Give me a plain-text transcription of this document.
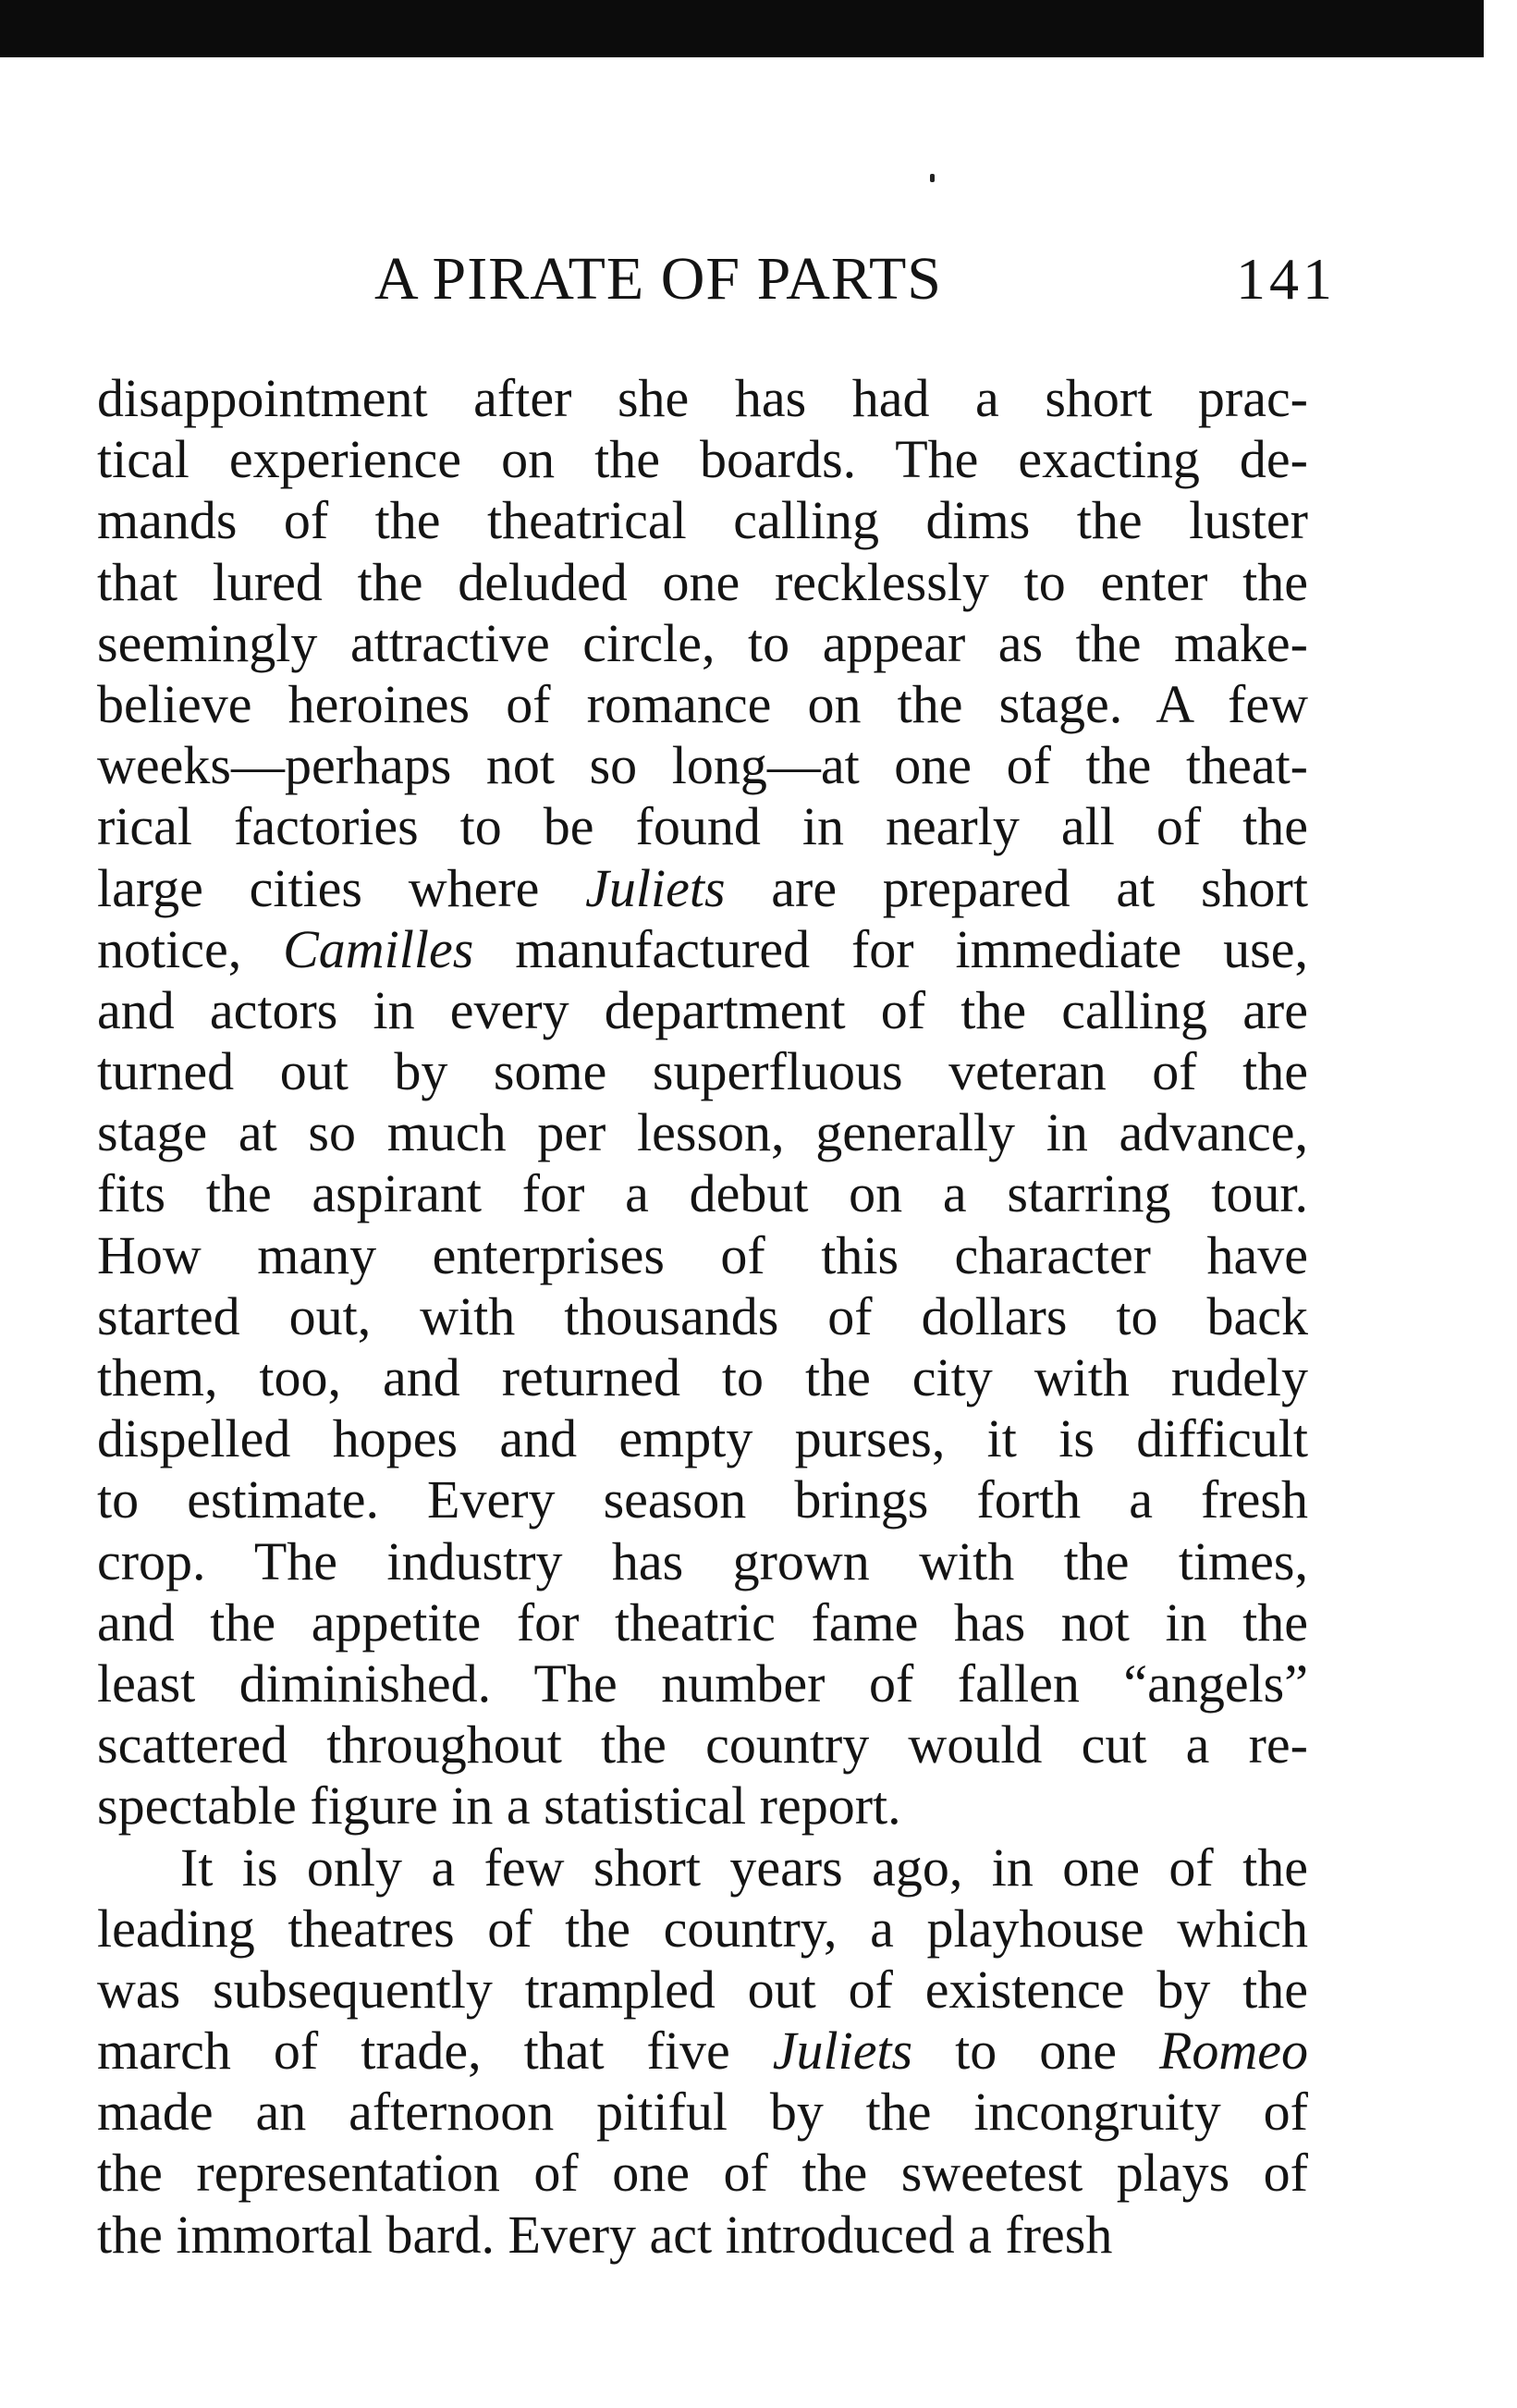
A PIRATE OF PARTS	141
disappointment after she has had a short prac-
tical experience on the boards. The exacting de-
mands of the theatrical calling dims the luster
that lured the deluded one recklessly to enter the
seemingly attractive circle, to appear as the make-
believe heroines of romance on the stage. A few
weeks—perhaps not so long—at one of the theat-
rical factories to be found in nearly all of the
large cities where Juliets are prepared at short
notice, Camilles manufactured for immediate use,
and actors in every department of the calling are
turned out by some superfluous veteran of the
stage at so much per lesson, generally in advance,
fits the aspirant for a debut on a starring tour.
How many enterprises of this character have
started out, with thousands of dollars to back
them, too, and returned to the city with rudely
dispelled hopes and empty purses, it is difficult
to estimate. Every season brings forth a fresh
crop. The industry has grown with the times,
and the appetite for theatric fame has not in the
least diminished. The number of fallen “angels”
scattered throughout the country would cut a re-
spectable figure in a statistical report.
It is only a few short years ago, in one of the
leading theatres of the country, a playhouse which
was subsequently trampled out of existence by the
march of trade, that five Juliets to one Romeo
made an afternoon pitiful by the incongruity of
the representation of one of the sweetest plays of
the immortal bard. Every act introduced a fresh
